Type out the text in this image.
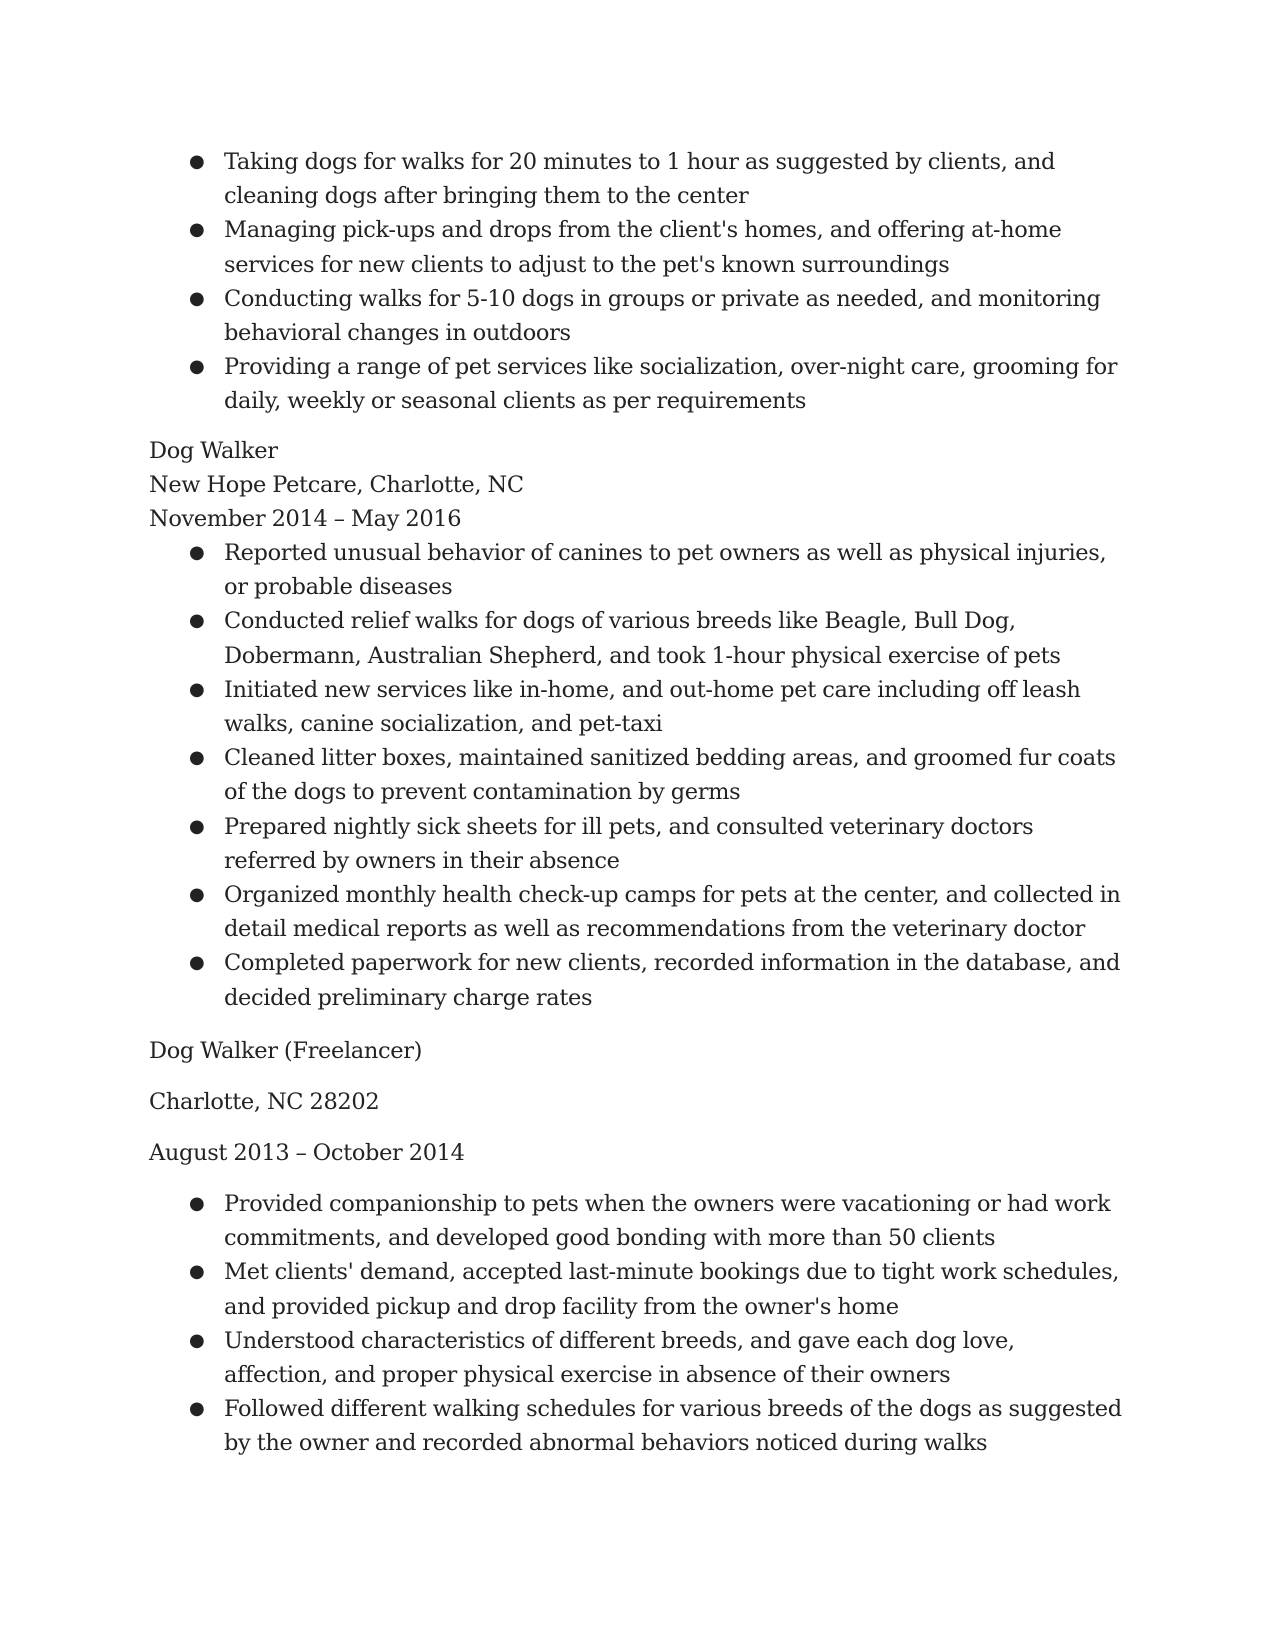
● Taking dogs for walks for 20 minutes to 1 hour as suggested by clients, and cleaning dogs after bringing them to the center
● Managing pick-ups and drops from the client's homes, and offering at-home services for new clients to adjust to the pet's known surroundings
● Conducting walks for 5-10 dogs in groups or private as needed, and monitoring behavioral changes in outdoors
● Providing a range of pet services like socialization, over-night care, grooming for daily, weekly or seasonal clients as per requirements
Dog Walker
New Hope Petcare, Charlotte, NC
November 2014 – May 2016
● Reported unusual behavior of canines to pet owners as well as physical injuries, or probable diseases
● Conducted relief walks for dogs of various breeds like Beagle, Bull Dog, Dobermann, Australian Shepherd, and took 1-hour physical exercise of pets
● Initiated new services like in-home, and out-home pet care including off leash walks, canine socialization, and pet-taxi
● Cleaned litter boxes, maintained sanitized bedding areas, and groomed fur coats of the dogs to prevent contamination by germs
● Prepared nightly sick sheets for ill pets, and consulted veterinary doctors referred by owners in their absence
● Organized monthly health check-up camps for pets at the center, and collected in detail medical reports as well as recommendations from the veterinary doctor
● Completed paperwork for new clients, recorded information in the database, and decided preliminary charge rates
Dog Walker (Freelancer)
Charlotte, NC 28202
August 2013 – October 2014
● Provided companionship to pets when the owners were vacationing or had work commitments, and developed good bonding with more than 50 clients
● Met clients' demand, accepted last-minute bookings due to tight work schedules, and provided pickup and drop facility from the owner's home
● Understood characteristics of different breeds, and gave each dog love, affection, and proper physical exercise in absence of their owners
● Followed different walking schedules for various breeds of the dogs as suggested by the owner and recorded abnormal behaviors noticed during walks
